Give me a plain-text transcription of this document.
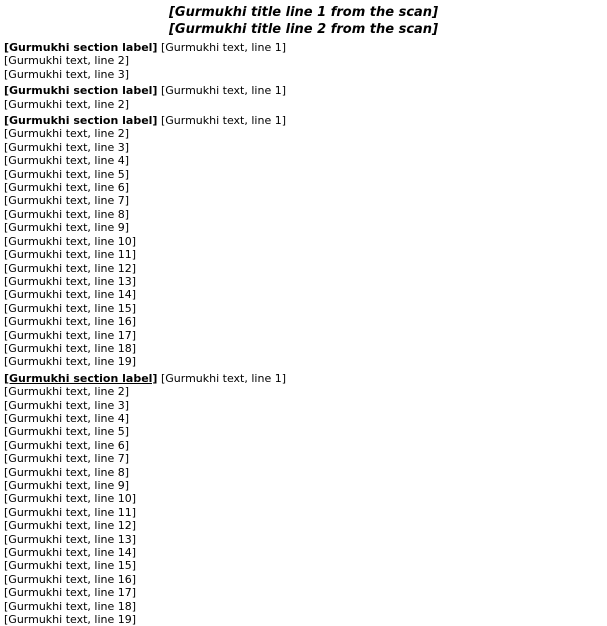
[Gurmukhi title line 1 from the scan]
[Gurmukhi title line 2 from the scan]
[Gurmukhi section label] [Gurmukhi text, line 1]
[Gurmukhi text, line 2]
[Gurmukhi text, line 3]
[Gurmukhi section label] [Gurmukhi text, line 1]
[Gurmukhi text, line 2]
[Gurmukhi section label] [Gurmukhi text, line 1]
[Gurmukhi text, line 2]
[Gurmukhi text, line 3]
[Gurmukhi text, line 4]
[Gurmukhi text, line 5]
[Gurmukhi text, line 6]
[Gurmukhi text, line 7]
[Gurmukhi text, line 8]
[Gurmukhi text, line 9]
[Gurmukhi text, line 10]
[Gurmukhi text, line 11]
[Gurmukhi text, line 12]
[Gurmukhi text, line 13]
[Gurmukhi text, line 14]
[Gurmukhi text, line 15]
[Gurmukhi text, line 16]
[Gurmukhi text, line 17]
[Gurmukhi text, line 18]
[Gurmukhi text, line 19]
[Gurmukhi section label] [Gurmukhi text, line 1]
[Gurmukhi text, line 2]
[Gurmukhi text, line 3]
[Gurmukhi text, line 4]
[Gurmukhi text, line 5]
[Gurmukhi text, line 6]
[Gurmukhi text, line 7]
[Gurmukhi text, line 8]
[Gurmukhi text, line 9]
[Gurmukhi text, line 10]
[Gurmukhi text, line 11]
[Gurmukhi text, line 12]
[Gurmukhi text, line 13]
[Gurmukhi text, line 14]
[Gurmukhi text, line 15]
[Gurmukhi text, line 16]
[Gurmukhi text, line 17]
[Gurmukhi text, line 18]
[Gurmukhi text, line 19]
